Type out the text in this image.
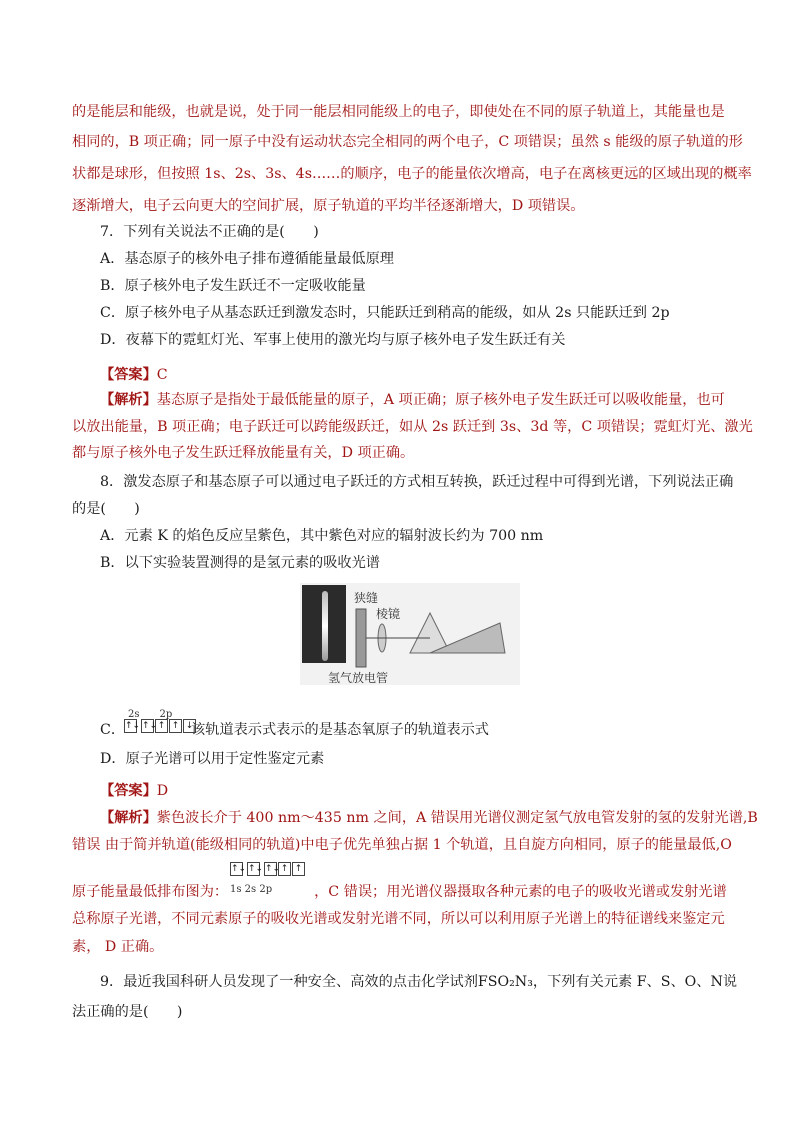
的是能层和能级，也就是说，处于同一能层相同能级上的电子，即使处在不同的原子轨道上，其能量也是
相同的，B 项正确；同一原子中没有运动状态完全相同的两个电子，C 项错误；虽然 s 能级的原子轨道的形
状都是球形，但按照 1s、2s、3s、4s……的顺序，电子的能量依次增高，电子在离核更远的区域出现的概率
逐渐增大，电子云向更大的空间扩展，原子轨道的平均半径逐渐增大，D 项错误。
7．下列有关说法不正确的是(　　)
A．基态原子的核外电子排布遵循能量最低原理
B．原子核外电子发生跃迁不一定吸收能量
C．原子核外电子从基态跃迁到激发态时，只能跃迁到稍高的能级，如从 2s 只能跃迁到 2p
D．夜幕下的霓虹灯光、军事上使用的激光均与原子核外电子发生跃迁有关
【答案】C
【解析】基态原子是指处于最低能量的原子，A 项正确；原子核外电子发生跃迁可以吸收能量，也可
以放出能量，B 项正确；电子跃迁可以跨能级跃迁，如从 2s 跃迁到 3s、3d 等，C 项错误；霓虹灯光、激光
都与原子核外电子发生跃迁释放能量有关，D 项正确。
8．激发态原子和基态原子可以通过电子跃迁的方式相互转换，跃迁过程中可得到光谱，下列说法正确
的是(　　)
A．元素 K 的焰色反应呈紫色，其中紫色对应的辐射波长约为 700 nm
B．以下实验装置测得的是氢元素的吸收光谱
狭缝
棱镜
氢气放电管
2s　　2p
C．	该轨道表示式表示的是基态氧原子的轨道表示式
↑↓ ↑↓ ↑ ↑ ↓
D．原子光谱可以用于定性鉴定元素
【答案】D
【解析】紫色波长介于 400 nm～435 nm 之间，A 错误用光谱仪测定氢气放电管发射的氢的发射光谱,B
错误 由于简并轨道(能级相同的轨道)中电子优先单独占据 1 个轨道，且自旋方向相同，原子的能量最低,O
↑↓ ↑↓ ↑↓ ↑ ↑
1s 2s 2p
原子能量最低排布图为：	，C 错误；用光谱仪器摄取各种元素的电子的吸收光谱或发射光谱
总称原子光谱，不同元素原子的吸收光谱或发射光谱不同，所以可以利用原子光谱上的特征谱线来鉴定元
素， D 正确。
9．最近我国科研人员发现了一种安全、高效的点击化学试剂FSO₂N₃，下列有关元素 F、S、O、N说
法正确的是(　　)
